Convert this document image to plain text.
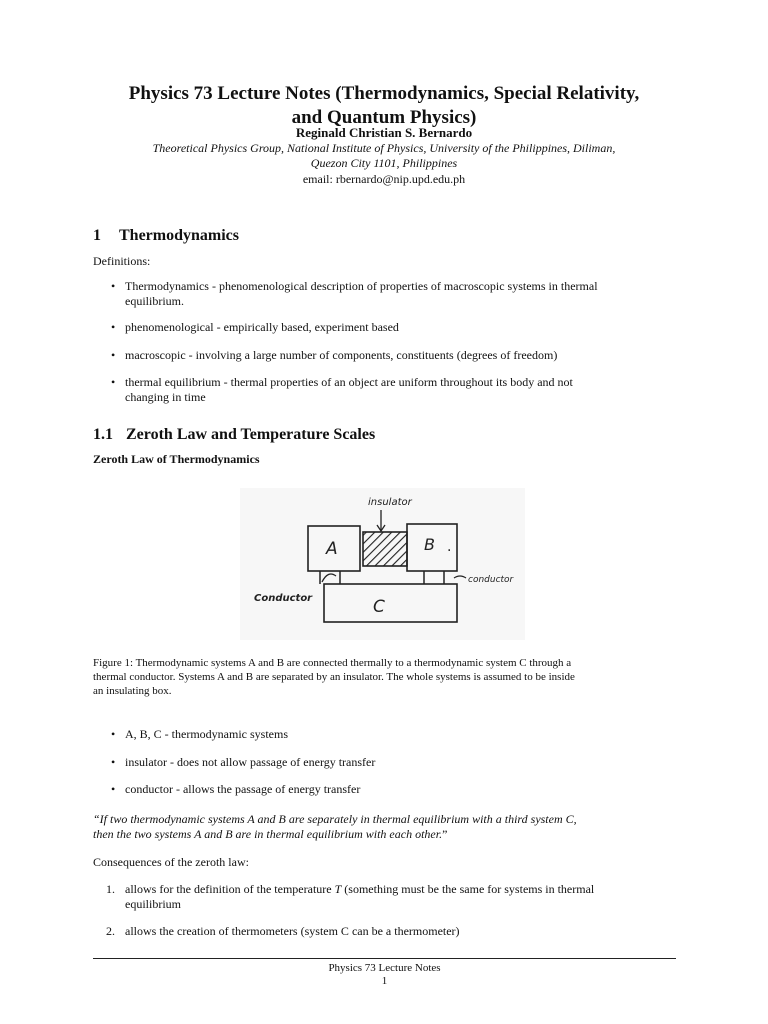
Physics 73 Lecture Notes (Thermodynamics, Special Relativity,
and Quantum Physics)

Reginald Christian S. Bernardo

Theoretical Physics Group, National Institute of Physics, University of the Philippines, Diliman,
Quezon City 1101, Philippines

email: rbernardo@nip.upd.edu.ph

1 Thermodynamics

Definitions:

• Thermodynamics - phenomenological description of properties of macroscopic systems in thermal
equilibrium.
• phenomenological - empirically based, experiment based
• macroscopic - involving a large number of components, constituents (degrees of freedom)
• thermal equilibrium - thermal properties of an object are uniform throughout its body and not
changing in time
1.1 Zeroth Law and Temperature Scales
Zeroth Law of Thermodynamics
A	B .
C
insulator
Conductor
conductor

Figure 1: Thermodynamic systems A and B are connected thermally to a thermodynamic system C through a
thermal conductor. Systems A and B are separated by an insulator. The whole systems is assumed to be inside
an insulating box.

• A, B, C - thermodynamic systems
• insulator - does not allow passage of energy transfer
• conductor - allows the passage of energy transfer

“If two thermodynamic systems A and B are separately in thermal equilibrium with a third system C,
then the two systems A and B are in thermal equilibrium with each other.”

Consequences of the zeroth law:

1. allows for the definition of the temperature T (something must be the same for systems in thermal
equilibrium
2. allows the creation of thermometers (system C can be a thermometer)

Physics 73 Lecture Notes
1
